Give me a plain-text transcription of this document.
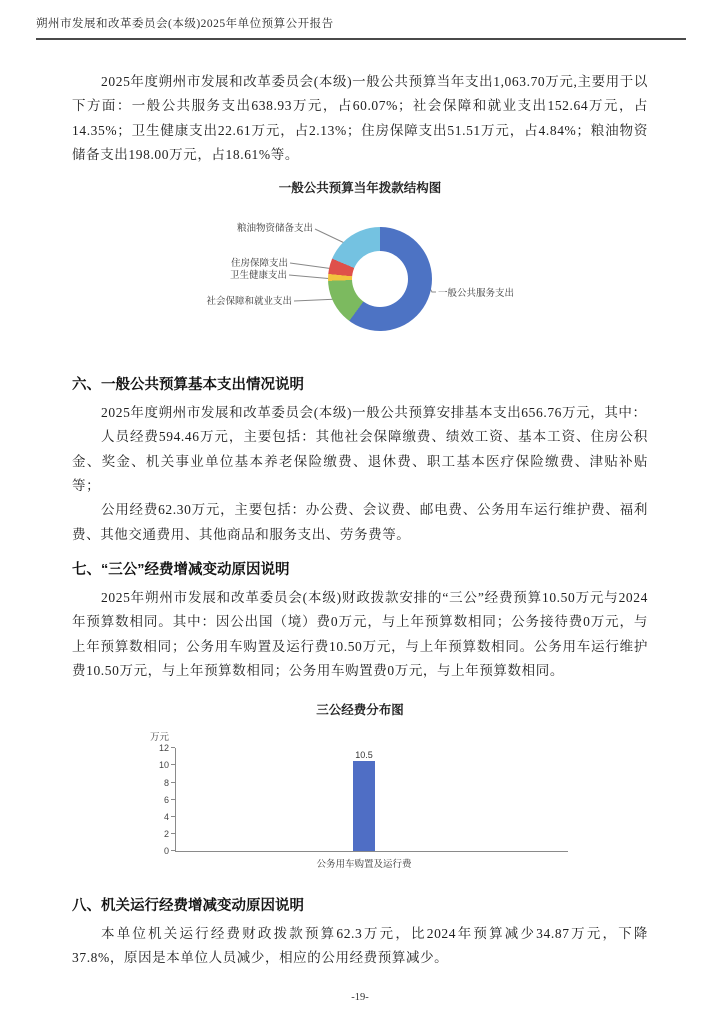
朔州市发展和改革委员会(本级)2025年单位预算公开报告

2025年度朔州市发展和改革委员会(本级)一般公共预算当年支出1,063.70万元,主要用于以下方面：一般公共服务支出638.93万元，占60.07%；社会保障和就业支出152.64万元，占14.35%；卫生健康支出22.61万元，占2.13%；住房保障支出51.51万元，占4.84%；粮油物资储备支出198.00万元，占18.61%等。

一般公共预算当年拨款结构图
一般公共服务支出
社会保障和就业支出
卫生健康支出
住房保障支出
粮油物资储备支出
六、一般公共预算基本支出情况说明

2025年度朔州市发展和改革委员会(本级)一般公共预算安排基本支出656.76万元，其中：

人员经费594.46万元，主要包括：其他社会保障缴费、绩效工资、基本工资、住房公积金、奖金、机关事业单位基本养老保险缴费、退休费、职工基本医疗保险缴费、津贴补贴等；

公用经费62.30万元，主要包括：办公费、会议费、邮电费、公务用车运行维护费、福利费、其他交通费用、其他商品和服务支出、劳务费等。

七、“三公”经费增减变动原因说明

2025年朔州市发展和改革委员会(本级)财政拨款安排的“三公”经费预算10.50万元与2024年预算数相同。其中：因公出国（境）费0万元，与上年预算数相同；公务接待费0万元，与上年预算数相同；公务用车购置及运行费10.50万元，与上年预算数相同。公务用车运行维护费10.50万元，与上年预算数相同；公务用车购置费0万元，与上年预算数相同。

三公经费分布图
万元
10.5
公务用车购置及运行费
0
2
4
6
8
10
12
八、机关运行经费增减变动原因说明

本单位机关运行经费财政拨款预算62.3万元，比2024年预算减少34.87万元，下降37.8%，原因是本单位人员减少，相应的公用经费预算减少。

-19-
